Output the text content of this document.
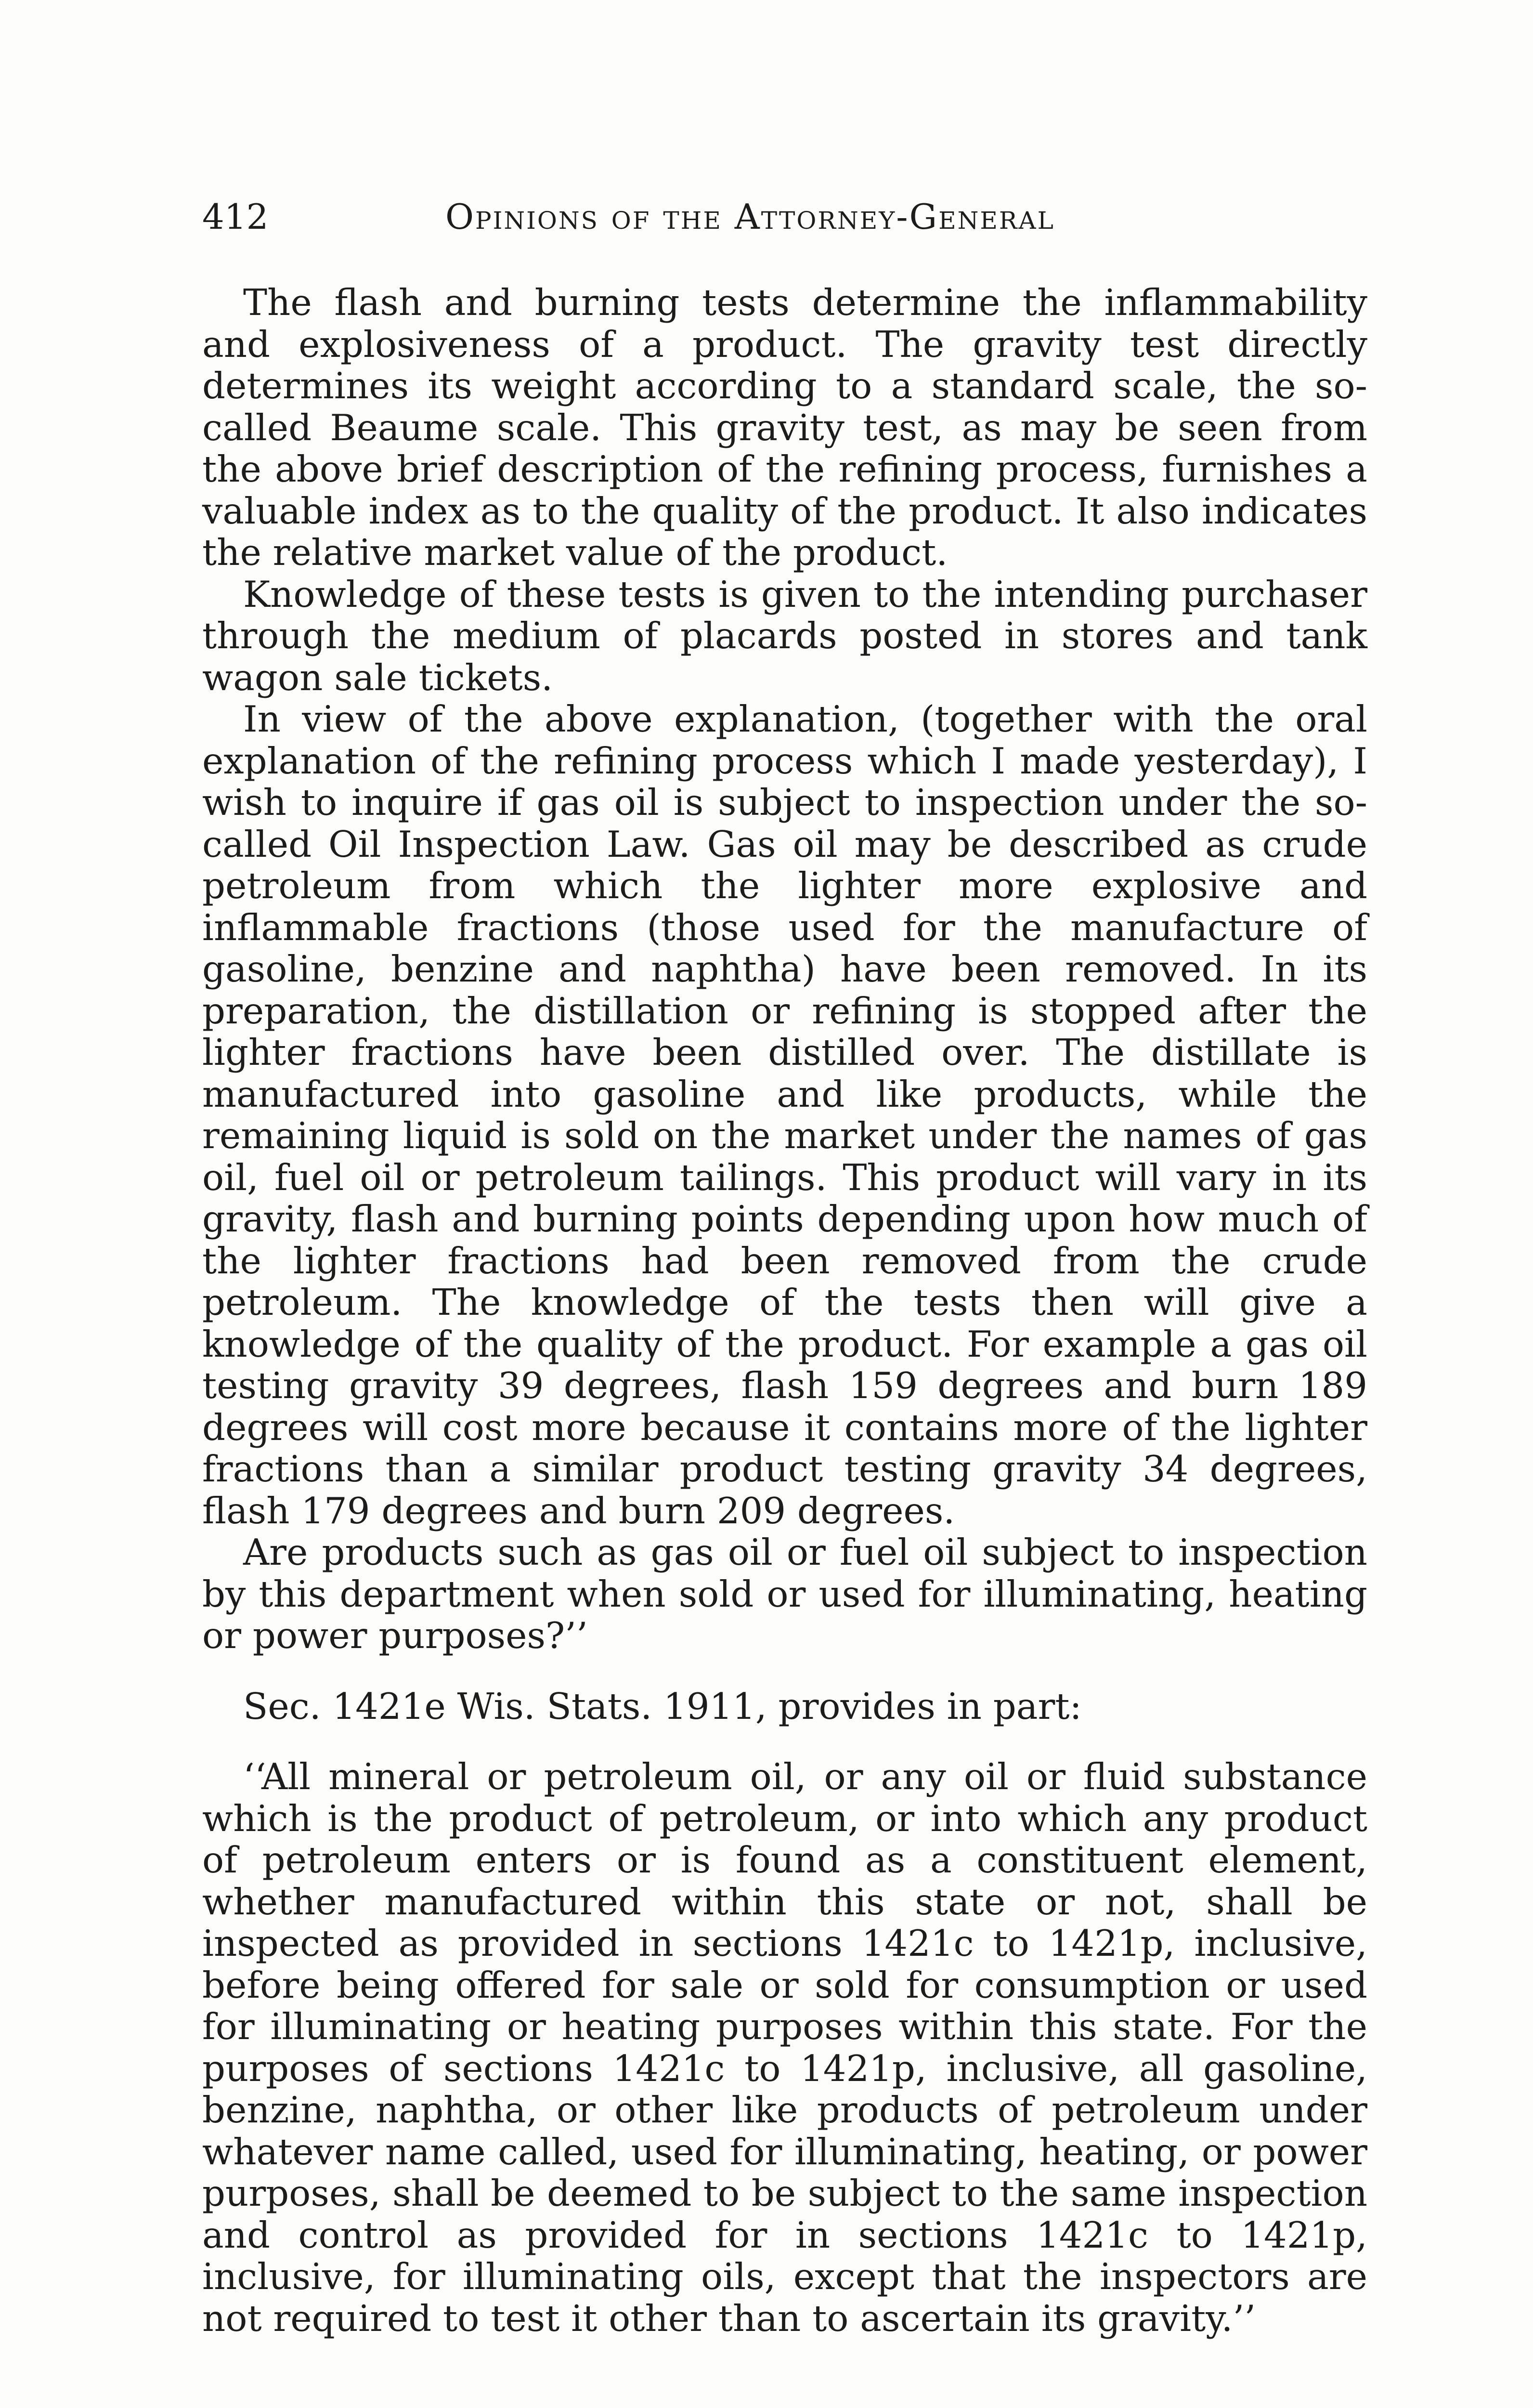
412	Opinions of the Attorney-General

The flash and burning tests determine the inflammability and explosiveness of a product. The gravity test directly determines its weight according to a standard scale, the so-called Beaume scale. This gravity test, as may be seen from the above brief description of the refining process, furnishes a valuable index as to the quality of the product. It also indicates the relative market value of the product.

Knowledge of these tests is given to the intending purchaser through the medium of placards posted in stores and tank wagon sale tickets.

In view of the above explanation, (together with the oral explanation of the refining process which I made yesterday), I wish to inquire if gas oil is subject to inspection under the so-called Oil Inspection Law. Gas oil may be described as crude petroleum from which the lighter more explosive and inflammable fractions (those used for the manufacture of gasoline, benzine and naphtha) have been removed. In its preparation, the distillation or refining is stopped after the lighter fractions have been distilled over. The distillate is manufactured into gasoline and like products, while the remaining liquid is sold on the market under the names of gas oil, fuel oil or petroleum tailings. This product will vary in its gravity, flash and burning points depending upon how much of the lighter fractions had been removed from the crude petroleum. The knowledge of the tests then will give a knowledge of the quality of the product. For example a gas oil testing gravity 39 degrees, flash 159 degrees and burn 189 degrees will cost more because it contains more of the lighter fractions than a similar product testing gravity 34 degrees, flash 179 degrees and burn 209 degrees.

Are products such as gas oil or fuel oil subject to inspection by this department when sold or used for illuminating, heating or power purposes?’’

Sec. 1421e Wis. Stats. 1911, provides in part:

‘‘All mineral or petroleum oil, or any oil or fluid substance which is the product of petroleum, or into which any product of petroleum enters or is found as a constituent element, whether manufactured within this state or not, shall be inspected as provided in sections 1421c to 1421p, inclusive, before being offered for sale or sold for consumption or used for illuminating or heating purposes within this state. For the purposes of sections 1421c to 1421p, inclusive, all gasoline, benzine, naphtha, or other like products of petroleum under whatever name called, used for illuminating, heating, or power purposes, shall be deemed to be subject to the same inspection and control as provided for in sections 1421c to 1421p, inclusive, for illuminating oils, except that the inspectors are not required to test it other than to ascertain its gravity.’’
